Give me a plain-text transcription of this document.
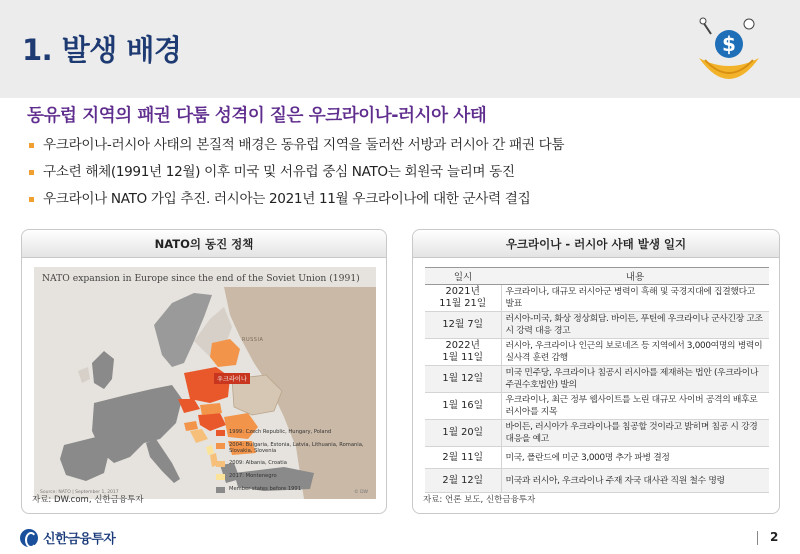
1. 발생 배경	$
동유럽 지역의 패권 다툼 성격이 짙은 우크라이나-러시아 사태
우크라이나-러시아 사태의 본질적 배경은 동유럽 지역을 둘러싼 서방과 러시아 간 패권 다툼
구소련 해체(1991년 12월) 이후 미국 및 서유럽 중심 NATO는 회원국 늘리며 동진
우크라이나 NATO 가입 추진. 러시아는 2021년 11월 우크라이나에 대한 군사력 결집
NATO의 동진 정책
NATO expansion in Europe since the end of the Soviet Union (1991)
RUSSIA
우크라이나
1999: Czech Republic, Hungary, Poland
2004: Bulgaria, Estonia, Latvia, Lithuania, Romania, Slovakia, Slovenia
2009: Albania, Croatia
2017: Montenegro
Member states before 1991
Source: NATO | September 1, 2017	© DW
자료: DW.com, 신한금융투자
우크라이나 - 러시아 사태 발생 일지
일시	내용
2021년
11월 21일	우크라이나, 대규모 러시아군 병력이 흑해 및 국경지대에 집결했다고 발표
12월 7일	러시아-미국, 화상 정상회담. 바이든, 푸틴에 우크라이나 군사긴장 고조 시 강력 대응 경고
2022년
1월 11일	러시아, 우크라이나 인근의 보로네즈 등 지역에서 3,000여명의 병력이 실사격 훈련 감행
1월 12일	미국 민주당, 우크라이나 침공시 러시아를 제재하는 법안 (우크라이나 주권수호법안) 발의
1월 16일	우크라이나, 최근 정부 웹사이트를 노린 대규모 사이버 공격의 배후로 러시아를 지목
1월 20일	바이든, 러시아가 우크라이나를 침공할 것이라고 밝히며 침공 시 강경 대응을 예고
2월 11일	미국, 폴란드에 미군 3,000명 추가 파병 결정
2월 12일	미국과 러시아, 우크라이나 주재 자국 대사관 직원 철수 명령
자료: 언론 보도, 신한금융투자
신한금융투자	2
